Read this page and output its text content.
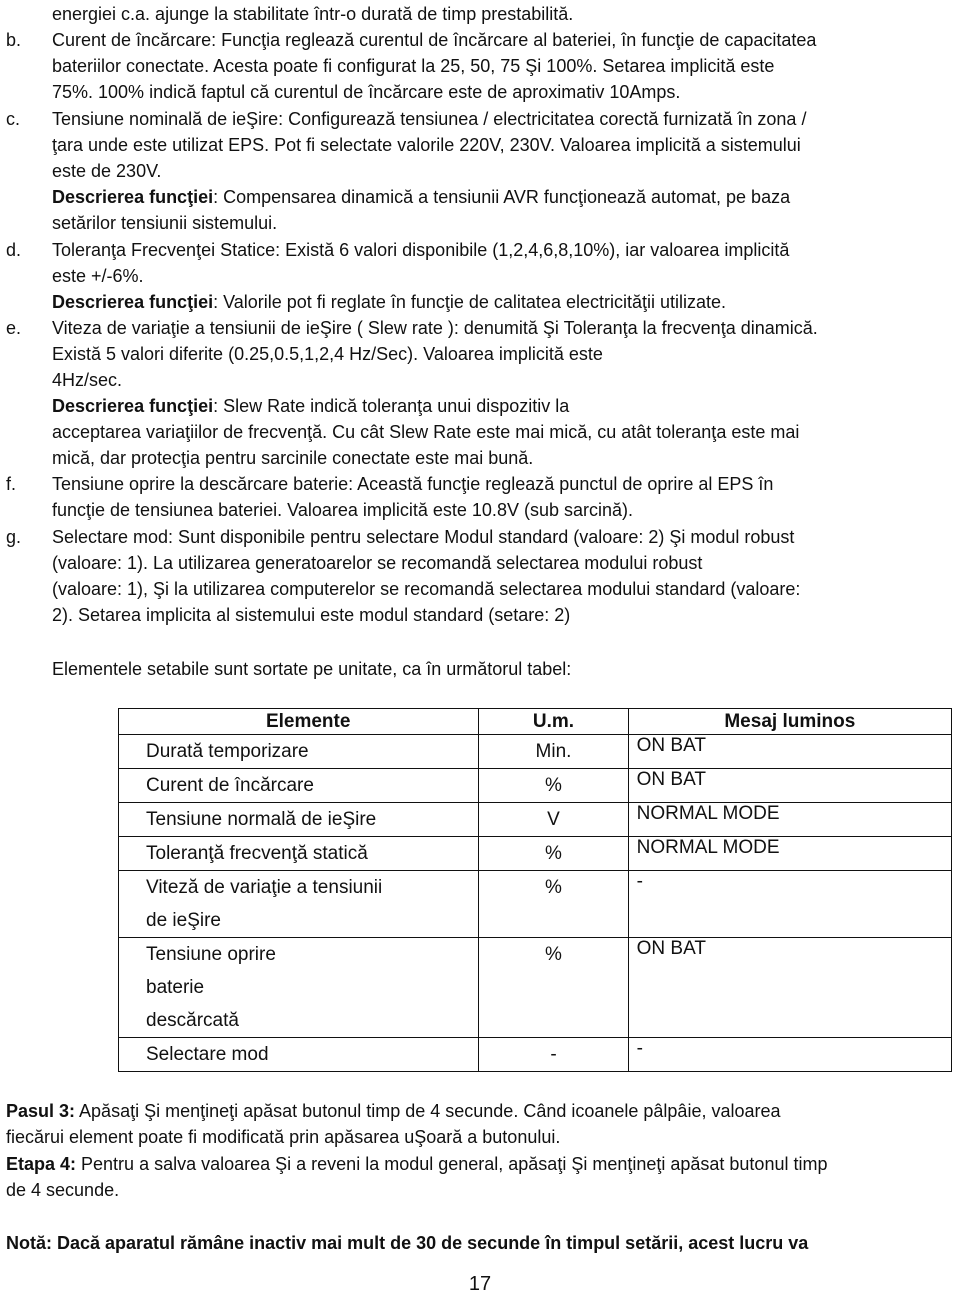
energiei c.a. ajunge la stabilitate într-o durată de timp prestabilită.
b. Curent de încărcare: Funcţia reglează curentul de încărcare al bateriei, în funcţie de capacitatea
bateriilor conectate. Acesta poate fi configurat la 25, 50, 75 Şi 100%. Setarea implicită este
75%. 100% indică faptul că curentul de încărcare este de aproximativ 10Amps.
c. Tensiune nominală de ieŞire: Configurează tensiunea / electricitatea corectă furnizată în zona /
ţara unde este utilizat EPS. Pot fi selectate valorile 220V, 230V. Valoarea implicită a sistemului
este de 230V.
Descrierea funcţiei: Compensarea dinamică a tensiunii AVR funcţionează automat, pe baza
setărilor tensiunii sistemului.
d. Toleranţa Frecvenţei Statice: Există 6 valori disponibile (1,2,4,6,8,10%), iar valoarea implicită
este +/-6%.
Descrierea funcţiei: Valorile pot fi reglate în funcţie de calitatea electricităţii utilizate.
e. Viteza de variaţie a tensiunii de ieŞire ( Slew rate ): denumită Şi Toleranţa la frecvenţa dinamică.
Există 5 valori diferite (0.25,0.5,1,2,4 Hz/Sec). Valoarea implicită este
4Hz/sec.
Descrierea funcţiei: Slew Rate indică toleranţa unui dispozitiv la
acceptarea variaţiilor de frecvenţă. Cu cât Slew Rate este mai mică, cu atât toleranţa este mai
mică, dar protecţia pentru sarcinile conectate este mai bună.
f. Tensiune oprire la descărcare baterie: Această funcţie reglează punctul de oprire al EPS în
funcţie de tensiunea bateriei. Valoarea implicită este 10.8V (sub sarcină).
g. Selectare mod: Sunt disponibile pentru selectare Modul standard (valoare: 2) Şi modul robust
(valoare: 1). La utilizarea generatoarelor se recomandă selectarea modului robust
(valoare: 1), Şi la utilizarea computerelor se recomandă selectarea modului standard (valoare:
2). Setarea implicita al sistemului este modul standard (setare: 2)
Elementele setabile sunt sortate pe unitate, ca în următorul tabel:
Elemente	U.m.	Mesaj luminos
Durată temporizare	Min.	ON BAT
Curent de încărcare	%	ON BAT
Tensiune normală de ieŞire	V	NORMAL MODE
Toleranţă frecvenţă statică	%	NORMAL MODE

Viteză de variaţie a tensiunii
de ieŞire	%	-

Tensiune oprire
baterie
descărcată	%	ON BAT
Selectare mod	-	-
Pasul 3: Apăsaţi Şi menţineţi apăsat butonul timp de 4 secunde. Când icoanele pâlpâie, valoarea
fiecărui element poate fi modificată prin apăsarea uŞoară a butonului.
Etapa 4: Pentru a salva valoarea Şi a reveni la modul general, apăsaţi Şi menţineţi apăsat butonul timp
de 4 secunde.
Notă: Dacă aparatul rămâne inactiv mai mult de 30 de secunde în timpul setării, acest lucru va
17
